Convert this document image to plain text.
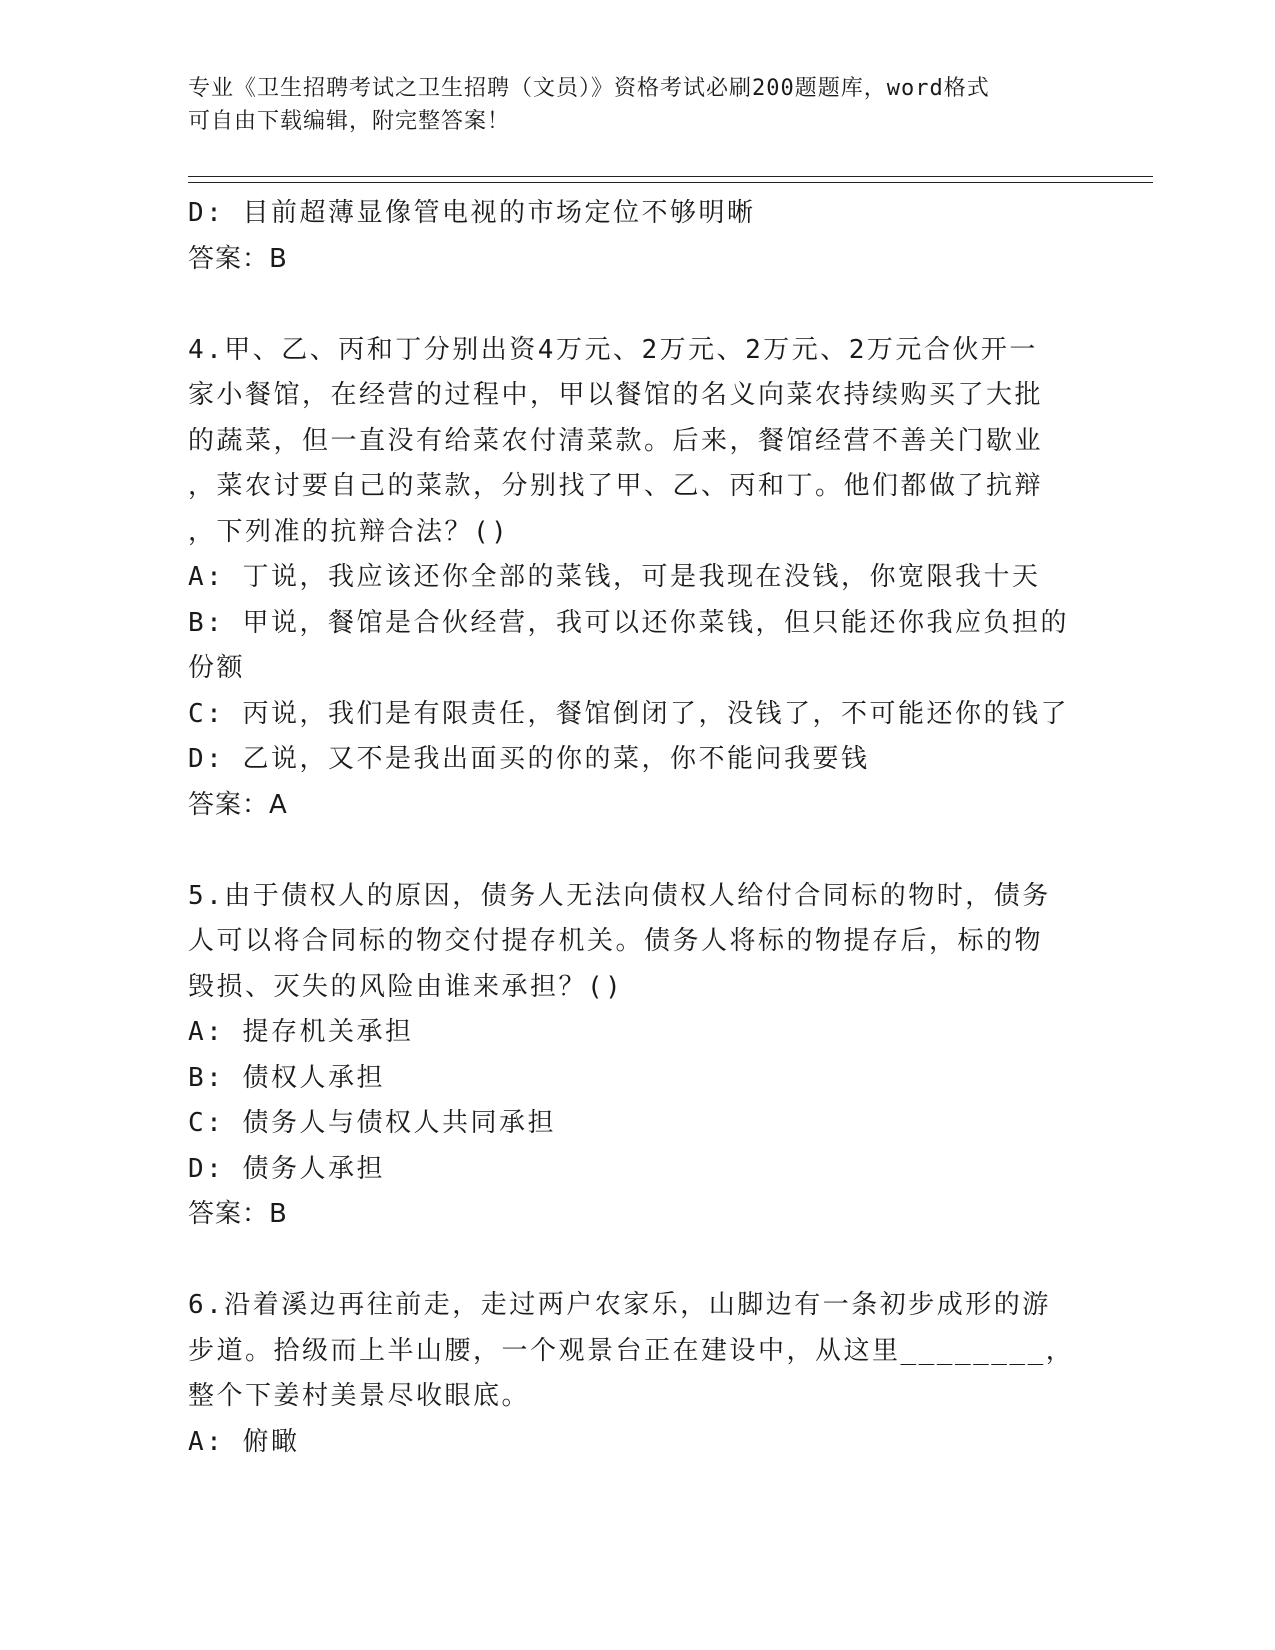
专业《卫生招聘考试之卫生招聘（文员）》资格考试必刷200题题库，word格式
可自由下载编辑，附完整答案！
D: 目前超薄显像管电视的市场定位不够明晰
答案：B
4.甲、乙、丙和丁分别出资4万元、2万元、2万元、2万元合伙开一
家小餐馆，在经营的过程中，甲以餐馆的名义向菜农持续购买了大批
的蔬菜，但一直没有给菜农付清菜款。后来，餐馆经营不善关门歇业
，菜农讨要自己的菜款，分别找了甲、乙、丙和丁。他们都做了抗辩
，下列准的抗辩合法？()
A: 丁说，我应该还你全部的菜钱，可是我现在没钱，你宽限我十天
B: 甲说，餐馆是合伙经营，我可以还你菜钱，但只能还你我应负担的
份额
C: 丙说，我们是有限责任，餐馆倒闭了，没钱了，不可能还你的钱了
D: 乙说，又不是我出面买的你的菜，你不能问我要钱
答案：A
5.由于债权人的原因，债务人无法向债权人给付合同标的物时，债务
人可以将合同标的物交付提存机关。债务人将标的物提存后，标的物
毁损、灭失的风险由谁来承担？()
A: 提存机关承担
B: 债权人承担
C: 债务人与债权人共同承担
D: 债务人承担
答案：B
6.沿着溪边再往前走，走过两户农家乐，山脚边有一条初步成形的游
步道。拾级而上半山腰，一个观景台正在建设中，从这里________，
整个下姜村美景尽收眼底。
A: 俯瞰
